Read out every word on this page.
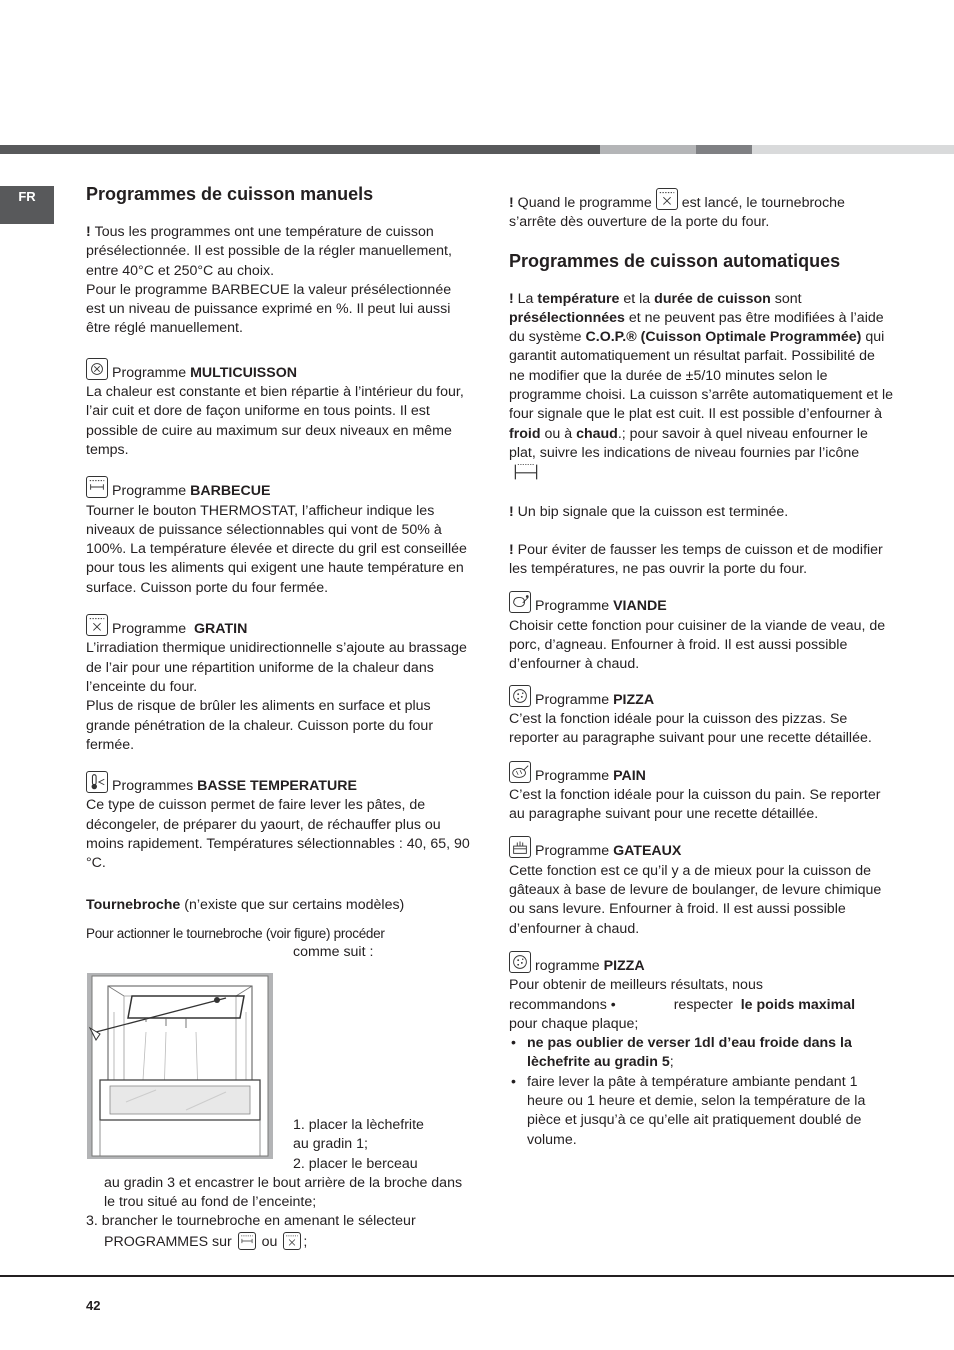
FR	Programmes de cuisson manuels

! Tous les programmes ont une température de cuisson présélectionnée. Il est possible de la régler manuellement, entre 40°C et 250°C au choix.

Pour le programme BARBECUE la valeur présélectionnée est un niveau de puissance exprimé en %. Il peut lui aussi être réglé manuellement.

Programme MULTICUISSON

La chaleur est constante et bien répartie à l’intérieur du four, l’air cuit et dore de façon uniforme en tous points. Il est possible de cuire au maximum sur deux niveaux en même temps.

Programme BARBECUE

Tourner le bouton THERMOSTAT, l’afficheur indique les niveaux de puissance sélectionnables qui vont de 50% à 100%. La température élevée et directe du gril est conseillée pour tous les aliments qui exigent une haute température en surface. Cuisson porte du four fermée.

Programme GRATIN

L’irradiation thermique unidirectionnelle s’ajoute au brassage de l’air pour une répartition uniforme de la chaleur dans l’enceinte du four.
Plus de risque de brûler les aliments en surface et plus grande pénétration de la chaleur. Cuisson porte du four fermée.

Programmes BASSE TEMPERATURE

Ce type de cuisson permet de faire lever les pâtes, de décongeler, de préparer du yaourt, de réchauffer plus ou moins rapidement. Températures sélectionnables : 40, 65, 90 °C.

Tournebroche (n’existe que sur certains modèles)

Pour actionner le tournebroche (voir figure) procéder

comme suit :

1. placer la lèchefrite

au gradin 1;

2. placer le berceau

au gradin 3 et encastrer le bout arrière de la broche dans le trou situé au fond de l’enceinte;

3. brancher le tournebroche en amenant le sélecteur

PROGRAMMES sur ou ;

! Quand le programme est lancé, le tournebroche s’arrête dès ouverture de la porte du four.

Programmes de cuisson automatiques

! La température et la durée de cuisson sont présélectionnées et ne peuvent pas être modifiées à l’aide du système C.O.P.® (Cuisson Optimale Programmée) qui garantit automatiquement un résultat parfait. Possibilité de ne modifier que la durée de ±5/10 minutes selon le programme choisi. La cuisson s’arrête automatiquement et le four signale que le plat est cuit. Il est possible d’enfourner à froid ou à chaud.; pour savoir à quel niveau enfourner le plat, suivre les indications de niveau fournies par l’icône

! Un bip signale que la cuisson est terminée.

! Pour éviter de fausser les temps de cuisson et de modifier les températures, ne pas ouvrir la porte du four.

Programme VIANDE

Choisir cette fonction pour cuisiner de la viande de veau, de porc, d’agneau. Enfourner à froid. Il est aussi possible d’enfourner à chaud.

Programme PIZZA

C’est la fonction idéale pour la cuisson des pizzas. Se reporter au paragraphe suivant pour une recette détaillée.

Programme PAIN

C’est la fonction idéale pour la cuisson du pain. Se reporter au paragraphe suivant pour une recette détaillée.

Programme GATEAUX

Cette fonction est ce qu’il y a de mieux pour la cuisson de gâteaux à base de levure de boulanger, de levure chimique ou sans levure. Enfourner à froid. Il est aussi possible d’enfourner à chaud.

rogramme PIZZA

Pour obtenir de meilleurs résultats, nous

recommandons •	respecter le poids maximal

pour chaque plaque;

• ne pas oublier de verser 1dl d’eau froide dans la lèchefrite au gradin 5;
• faire lever la pâte à température ambiante pendant 1 heure ou 1 heure et demie, selon la température de la pièce et jusqu’à ce qu’elle ait pratiquement doublé de volume.
42
